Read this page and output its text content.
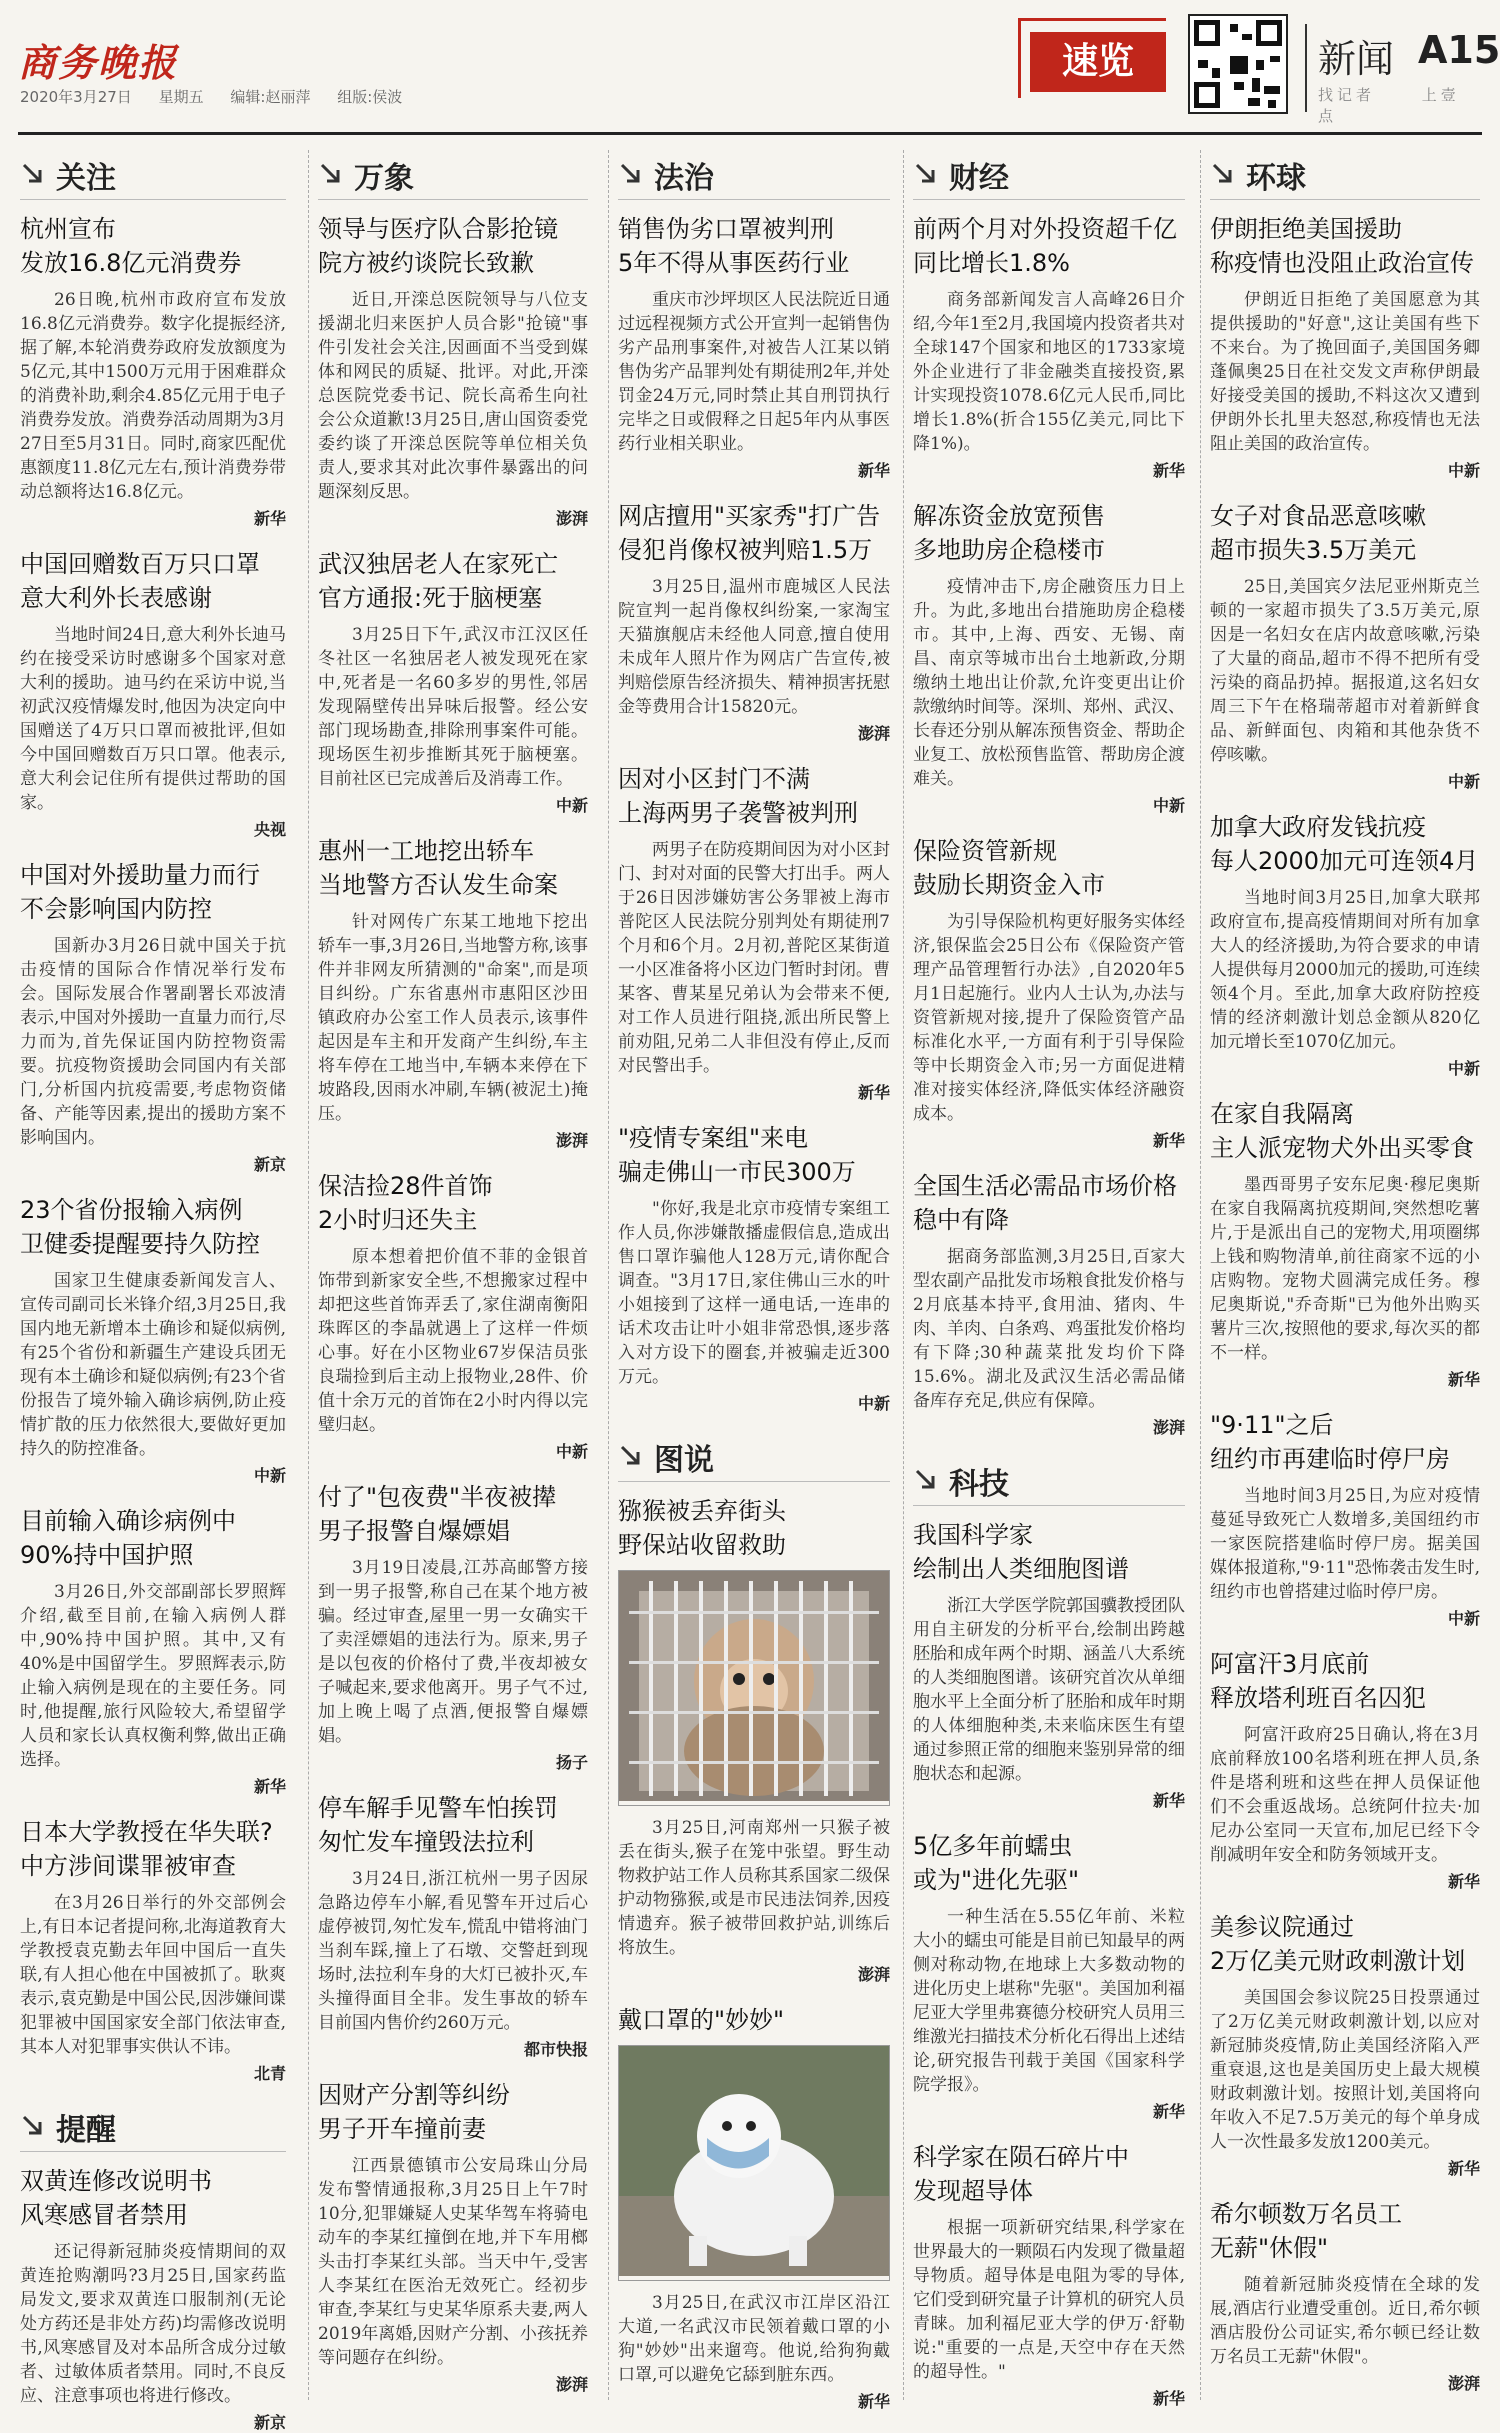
商务晚报
2020年3月27日 星期五 编辑:赵丽萍 组版:侯波
速览	新闻 A15
找记者	上壹点
关注
杭州宣布
发放16.8亿元消费券
26日晚,杭州市政府宣布发放16.8亿元消费券。数字化提振经济,据了解,本轮消费券政府发放额度为5亿元,其中1500万元用于困难群众的消费补助,剩余4.85亿元用于电子消费券发放。消费券活动周期为3月27日至5月31日。同时,商家匹配优惠额度11.8亿元左右,预计消费券带动总额将达16.8亿元。
新华
中国回赠数百万只口罩
意大利外长表感谢
当地时间24日,意大利外长迪马约在接受采访时感谢多个国家对意大利的援助。迪马约在采访中说,当初武汉疫情爆发时,他因为决定向中国赠送了4万只口罩而被批评,但如今中国回赠数百万只口罩。他表示,意大利会记住所有提供过帮助的国家。
央视
中国对外援助量力而行
不会影响国内防控
国新办3月26日就中国关于抗击疫情的国际合作情况举行发布会。国际发展合作署副署长邓波清表示,中国对外援助一直量力而行,尽力而为,首先保证国内防控物资需要。抗疫物资援助会同国内有关部门,分析国内抗疫需要,考虑物资储备、产能等因素,提出的援助方案不影响国内。
新京
23个省份报输入病例
卫健委提醒要持久防控
国家卫生健康委新闻发言人、宣传司副司长米锋介绍,3月25日,我国内地无新增本土确诊和疑似病例,有25个省份和新疆生产建设兵团无现有本土确诊和疑似病例;有23个省份报告了境外输入确诊病例,防止疫情扩散的压力依然很大,要做好更加持久的防控准备。
中新
目前输入确诊病例中
90%持中国护照
3月26日,外交部副部长罗照辉介绍,截至目前,在输入病例人群中,90%持中国护照。其中,又有40%是中国留学生。罗照辉表示,防止输入病例是现在的主要任务。同时,他提醒,旅行风险较大,希望留学人员和家长认真权衡利弊,做出正确选择。
新华
日本大学教授在华失联?
中方涉间谍罪被审查
在3月26日举行的外交部例会上,有日本记者提问称,北海道教育大学教授袁克勤去年回中国后一直失联,有人担心他在中国被抓了。耿爽表示,袁克勤是中国公民,因涉嫌间谍犯罪被中国国家安全部门依法审查,其本人对犯罪事实供认不讳。
北青
提醒
双黄连修改说明书
风寒感冒者禁用
还记得新冠肺炎疫情期间的双黄连抢购潮吗?3月25日,国家药监局发文,要求双黄连口服制剂(无论处方药还是非处方药)均需修改说明书,风寒感冒及对本品所含成分过敏者、过敏体质者禁用。同时,不良反应、注意事项也将进行修改。
新京
万象
领导与医疗队合影抢镜
院方被约谈院长致歉
近日,开滦总医院领导与八位支援湖北归来医护人员合影"抢镜"事件引发社会关注,因画面不当受到媒体和网民的质疑、批评。对此,开滦总医院党委书记、院长高希生向社会公众道歉!3月25日,唐山国资委党委约谈了开滦总医院等单位相关负责人,要求其对此次事件暴露出的问题深刻反思。
澎湃
武汉独居老人在家死亡
官方通报:死于脑梗塞
3月25日下午,武汉市江汉区任冬社区一名独居老人被发现死在家中,死者是一名60多岁的男性,邻居发现隔壁传出异味后报警。经公安部门现场勘查,排除刑事案件可能。现场医生初步推断其死于脑梗塞。目前社区已完成善后及消毒工作。
中新
惠州一工地挖出轿车
当地警方否认发生命案
针对网传广东某工地地下挖出轿车一事,3月26日,当地警方称,该事件并非网友所猜测的"命案",而是项目纠纷。广东省惠州市惠阳区沙田镇政府办公室工作人员表示,该事件起因是车主和开发商产生纠纷,车主将车停在工地当中,车辆本来停在下坡路段,因雨水冲刷,车辆(被泥土)掩压。
澎湃
保洁捡28件首饰
2小时归还失主
原本想着把价值不菲的金银首饰带到新家安全些,不想搬家过程中却把这些首饰弄丢了,家住湖南衡阳珠晖区的李晶就遇上了这样一件烦心事。好在小区物业67岁保洁员张良瑞捡到后主动上报物业,28件、价值十余万元的首饰在2小时内得以完璧归赵。
中新
付了"包夜费"半夜被撵
男子报警自爆嫖娼
3月19日凌晨,江苏高邮警方接到一男子报警,称自己在某个地方被骗。经过审查,屋里一男一女确实干了卖淫嫖娼的违法行为。原来,男子是以包夜的价格付了费,半夜却被女子喊起来,要求他离开。男子气不过,加上晚上喝了点酒,便报警自爆嫖娼。
扬子
停车解手见警车怕挨罚
匆忙发车撞毁法拉利
3月24日,浙江杭州一男子因尿急路边停车小解,看见警车开过后心虚停被罚,匆忙发车,慌乱中错将油门当刹车踩,撞上了石墩、交警赶到现场时,法拉利车身的大灯已被扑灭,车头撞得面目全非。发生事故的轿车目前国内售价约260万元。
都市快报
因财产分割等纠纷
男子开车撞前妻
江西景德镇市公安局珠山分局发布警情通报称,3月25日上午7时10分,犯罪嫌疑人史某华驾车将骑电动车的李某红撞倒在地,并下车用榔头击打李某红头部。当天中午,受害人李某红在医治无效死亡。经初步审查,李某红与史某华原系夫妻,两人2019年离婚,因财产分割、小孩抚养等问题存在纠纷。
澎湃
法治
销售伪劣口罩被判刑
5年不得从事医药行业
重庆市沙坪坝区人民法院近日通过远程视频方式公开宣判一起销售伪劣产品刑事案件,对被告人江某以销售伪劣产品罪判处有期徒刑2年,并处罚金24万元,同时禁止其自刑罚执行完毕之日或假释之日起5年内从事医药行业相关职业。
新华
网店擅用"买家秀"打广告
侵犯肖像权被判赔1.5万
3月25日,温州市鹿城区人民法院宣判一起肖像权纠纷案,一家淘宝天猫旗舰店未经他人同意,擅自使用未成年人照片作为网店广告宣传,被判赔偿原告经济损失、精神损害抚慰金等费用合计15820元。
澎湃
因对小区封门不满
上海两男子袭警被判刑
两男子在防疫期间因为对小区封门、封对对面的民警大打出手。两人于26日因涉嫌妨害公务罪被上海市普陀区人民法院分别判处有期徒刑7个月和6个月。2月初,普陀区某街道一小区准备将小区边门暂时封闭。曹某客、曹某星兄弟认为会带来不便,对工作人员进行阻挠,派出所民警上前劝阻,兄弟二人非但没有停止,反而对民警出手。
新华
"疫情专案组"来电
骗走佛山一市民300万
"你好,我是北京市疫情专案组工作人员,你涉嫌散播虚假信息,造成出售口罩诈骗他人128万元,请你配合调查。"3月17日,家住佛山三水的叶小姐接到了这样一通电话,一连串的话术攻击让叶小姐非常恐惧,逐步落入对方设下的圈套,并被骗走近300万元。
中新
图说
猕猴被丢弃街头
野保站收留救助
3月25日,河南郑州一只猴子被丢在街头,猴子在笼中张望。野生动物救护站工作人员称其系国家二级保护动物猕猴,或是市民违法饲养,因疫情遗弃。猴子被带回救护站,训练后将放生。
澎湃
戴口罩的"妙妙"
3月25日,在武汉市江岸区沿江大道,一名武汉市民领着戴口罩的小狗"妙妙"出来遛弯。他说,给狗狗戴口罩,可以避免它舔到脏东西。
新华
财经
前两个月对外投资超千亿
同比增长1.8%
商务部新闻发言人高峰26日介绍,今年1至2月,我国境内投资者共对全球147个国家和地区的1733家境外企业进行了非金融类直接投资,累计实现投资1078.6亿元人民币,同比增长1.8%(折合155亿美元,同比下降1%)。
新华
解冻资金放宽预售
多地助房企稳楼市
疫情冲击下,房企融资压力日上升。为此,多地出台措施助房企稳楼市。其中,上海、西安、无锡、南昌、南京等城市出台土地新政,分期缴纳土地出让价款,允许变更出让价款缴纳时间等。深圳、郑州、武汉、长春还分别从解冻预售资金、帮助企业复工、放松预售监管、帮助房企渡难关。
中新
保险资管新规
鼓励长期资金入市
为引导保险机构更好服务实体经济,银保监会25日公布《保险资产管理产品管理暂行办法》,自2020年5月1日起施行。业内人士认为,办法与资管新规对接,提升了保险资管产品标准化水平,一方面有利于引导保险等中长期资金入市;另一方面促进精准对接实体经济,降低实体经济融资成本。
新华
全国生活必需品市场价格
稳中有降
据商务部监测,3月25日,百家大型农副产品批发市场粮食批发价格与2月底基本持平,食用油、猪肉、牛肉、羊肉、白条鸡、鸡蛋批发价格均有下降;30种蔬菜批发均价下降15.6%。湖北及武汉生活必需品储备库存充足,供应有保障。
澎湃
科技
我国科学家
绘制出人类细胞图谱
浙江大学医学院郭国骥教授团队用自主研发的分析平台,绘制出跨越胚胎和成年两个时期、涵盖八大系统的人类细胞图谱。该研究首次从单细胞水平上全面分析了胚胎和成年时期的人体细胞种类,未来临床医生有望通过参照正常的细胞来鉴别异常的细胞状态和起源。
新华
5亿多年前蠕虫
或为"进化先驱"
一种生活在5.55亿年前、米粒大小的蠕虫可能是目前已知最早的两侧对称动物,在地球上大多数动物的进化历史上堪称"先驱"。美国加利福尼亚大学里弗赛德分校研究人员用三维激光扫描技术分析化石得出上述结论,研究报告刊载于美国《国家科学院学报》。
新华
科学家在陨石碎片中
发现超导体
根据一项新研究结果,科学家在世界最大的一颗陨石内发现了微量超导物质。超导体是电阻为零的导体,它们受到研究量子计算机的研究人员青睐。加利福尼亚大学的伊万·舒勒说:"重要的一点是,天空中存在天然的超导性。"
新华
环球
伊朗拒绝美国援助
称疫情也没阻止政治宣传
伊朗近日拒绝了美国愿意为其提供援助的"好意",这让美国有些下不来台。为了挽回面子,美国国务卿蓬佩奥25日在社交发文声称伊朗最好接受美国的援助,不料这次又遭到伊朗外长扎里夫怒怼,称疫情也无法阻止美国的政治宣传。
中新
女子对食品恶意咳嗽
超市损失3.5万美元
25日,美国宾夕法尼亚州斯克兰顿的一家超市损失了3.5万美元,原因是一名妇女在店内故意咳嗽,污染了大量的商品,超市不得不把所有受污染的商品扔掉。据报道,这名妇女周三下午在格瑞蒂超市对着新鲜食品、新鲜面包、肉箱和其他杂货不停咳嗽。
中新
加拿大政府发钱抗疫
每人2000加元可连领4月
当地时间3月25日,加拿大联邦政府宣布,提高疫情期间对所有加拿大人的经济援助,为符合要求的申请人提供每月2000加元的援助,可连续领4个月。至此,加拿大政府防控疫情的经济刺激计划总金额从820亿加元增长至1070亿加元。
中新
在家自我隔离
主人派宠物犬外出买零食
墨西哥男子安东尼奥·穆尼奥斯在家自我隔离抗疫期间,突然想吃薯片,于是派出自己的宠物犬,用项圈绑上钱和购物清单,前往商家不远的小店购物。宠物犬圆满完成任务。穆尼奥斯说,"乔奇斯"已为他外出购买薯片三次,按照他的要求,每次买的都不一样。
新华
"9·11"之后
纽约市再建临时停尸房
当地时间3月25日,为应对疫情蔓延导致死亡人数增多,美国纽约市一家医院搭建临时停尸房。据美国媒体报道称,"9·11"恐怖袭击发生时,纽约市也曾搭建过临时停尸房。
中新
阿富汗3月底前
释放塔利班百名囚犯
阿富汗政府25日确认,将在3月底前释放100名塔利班在押人员,条件是塔利班和这些在押人员保证他们不会重返战场。总统阿什拉夫·加尼办公室同一天宣布,加尼已经下令削减明年安全和防务领域开支。
新华
美参议院通过
2万亿美元财政刺激计划
美国国会参议院25日投票通过了2万亿美元财政刺激计划,以应对新冠肺炎疫情,防止美国经济陷入严重衰退,这也是美国历史上最大规模财政刺激计划。按照计划,美国将向年收入不足7.5万美元的每个单身成人一次性最多发放1200美元。
新华
希尔顿数万名员工
无薪"休假"
随着新冠肺炎疫情在全球的发展,酒店行业遭受重创。近日,希尔顿酒店股份公司证实,希尔顿已经让数万名员工无薪"休假"。
澎湃
